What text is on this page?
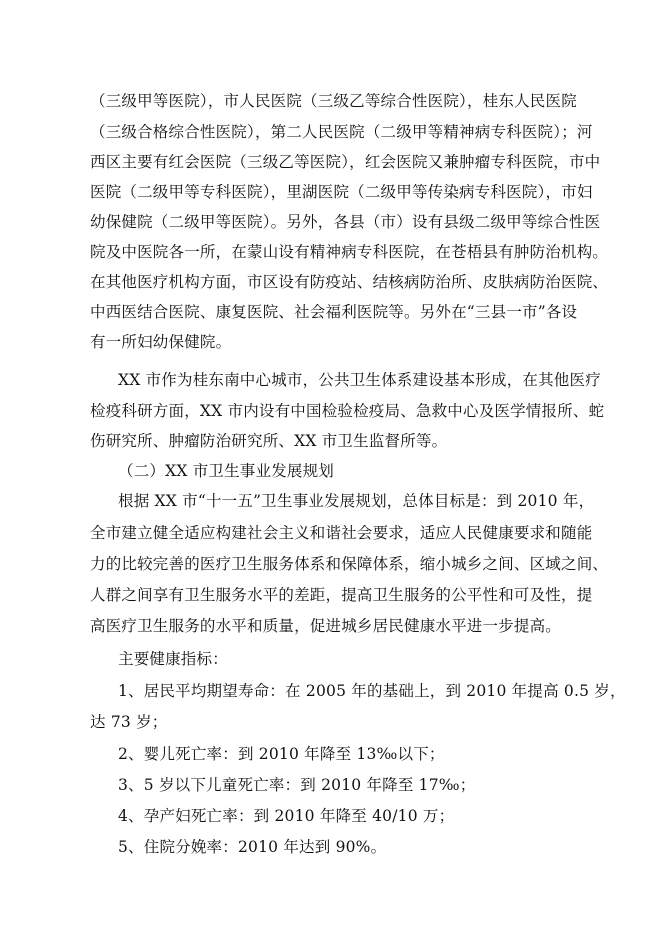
（三级甲等医院），市人民医院（三级乙等综合性医院），桂东人民医院
（三级合格综合性医院），第二人民医院（二级甲等精神病专科医院）；河
西区主要有红会医院（三级乙等医院），红会医院又兼肿瘤专科医院，市中
医院（二级甲等专科医院），里湖医院（二级甲等传染病专科医院），市妇
幼保健院（二级甲等医院）。另外，各县（市）设有县级二级甲等综合性医
院及中医院各一所，在蒙山设有精神病专科医院，在苍梧县有肿防治机构。
在其他医疗机构方面，市区设有防疫站、结核病防治所、皮肤病防治医院、
中西医结合医院、康复医院、社会福利医院等。另外在“三县一市”各设
有一所妇幼保健院。
XX 市作为桂东南中心城市，公共卫生体系建设基本形成，在其他医疗
检疫科研方面，XX 市内设有中国检验检疫局、急救中心及医学情报所、蛇
伤研究所、肿瘤防治研究所、XX 市卫生监督所等。
（二）XX 市卫生事业发展规划
根据 XX 市“十一五”卫生事业发展规划，总体目标是：到 2010 年，
全市建立健全适应构建社会主义和谐社会要求，适应人民健康要求和随能
力的比较完善的医疗卫生服务体系和保障体系，缩小城乡之间、区域之间、
人群之间享有卫生服务水平的差距，提高卫生服务的公平性和可及性，提
高医疗卫生服务的水平和质量，促进城乡居民健康水平进一步提高。
主要健康指标：
1、居民平均期望寿命：在 2005 年的基础上，到 2010 年提高 0.5 岁，
达 73 岁；
2、婴儿死亡率：到 2010 年降至 13‰以下；
3、5 岁以下儿童死亡率：到 2010 年降至 17‰；
4、孕产妇死亡率：到 2010 年降至 40/10 万；
5、住院分娩率：2010 年达到 90%。
